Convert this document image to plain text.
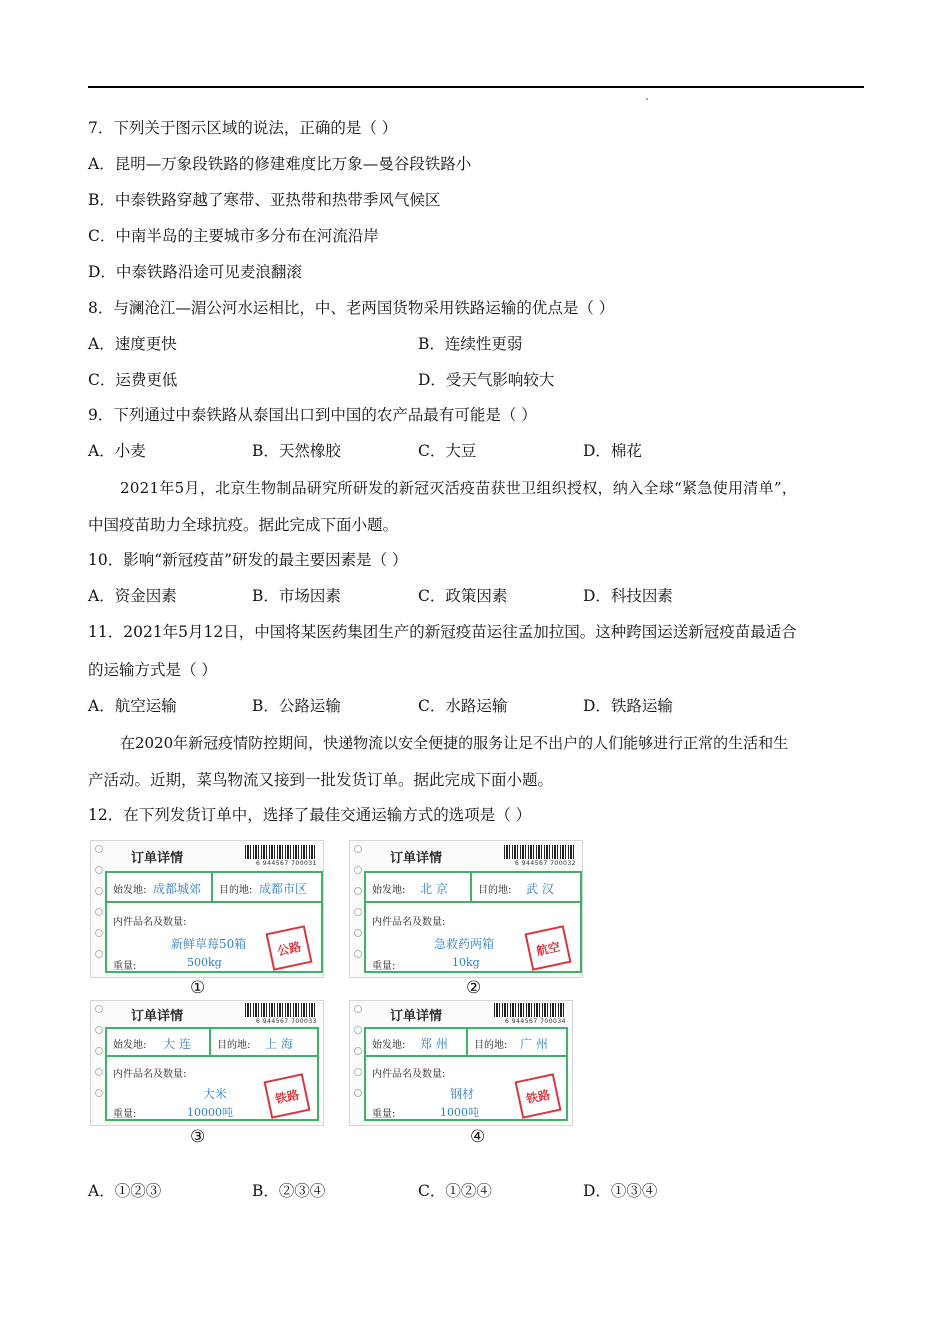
7．下列关于图示区域的说法，正确的是（ ）
A．昆明—万象段铁路的修建难度比万象—曼谷段铁路小
B．中泰铁路穿越了寒带、亚热带和热带季风气候区
C．中南半岛的主要城市多分布在河流沿岸
D．中泰铁路沿途可见麦浪翻滚
8．与澜沧江—湄公河水运相比，中、老两国货物采用铁路运输的优点是（ ）
A．速度更快	B．连续性更弱
C．运费更低	D．受天气影响较大
9．下列通过中泰铁路从泰国出口到中国的农产品最有可能是（ ）
A．小麦	B．天然橡胶	C．大豆	D．棉花
2021年5月，北京生物制品研究所研发的新冠灭活疫苗获世卫组织授权，纳入全球“紧急使用清单”，
中国疫苗助力全球抗疫。据此完成下面小题。
10．影响“新冠疫苗”研发的最主要因素是（ ）
A．资金因素	B．市场因素	C．政策因素	D．科技因素
11．2021年5月12日，中国将某医药集团生产的新冠疫苗运往孟加拉国。这种跨国运送新冠疫苗最适合
的运输方式是（ ）
A．航空运输	B．公路运输	C．水路运输	D．铁路运输
在2020年新冠疫情防控期间，快递物流以安全便捷的服务让足不出户的人们能够进行正常的生活和生
产活动。近期，菜鸟物流又接到一批发货订单。据此完成下面小题。
12．在下列发货订单中，选择了最佳交通运输方式的选项是（ ）
订单详情	6 944567 700031
始发地: 成都城郊 目的地: 成都市区
内件品名及数量:
新鲜草莓50箱
重量:	500kg
公路
①
订单详情	6 944567 700032
始发地: 北 京	目的地: 武 汉
内件品名及数量:
急救药两箱
重量:	10kg
航空
②
订单详情	6 944567 700033
始发地: 大 连	目的地: 上 海
内件品名及数量:
大米
重量:	10000吨
铁路
③
订单详情	6 944567 700034
始发地: 郑 州	目的地: 广 州
内件品名及数量:
钢材
重量:	1000吨
铁路
④
A．①②③	B．②③④	C．①②④	D．①③④
